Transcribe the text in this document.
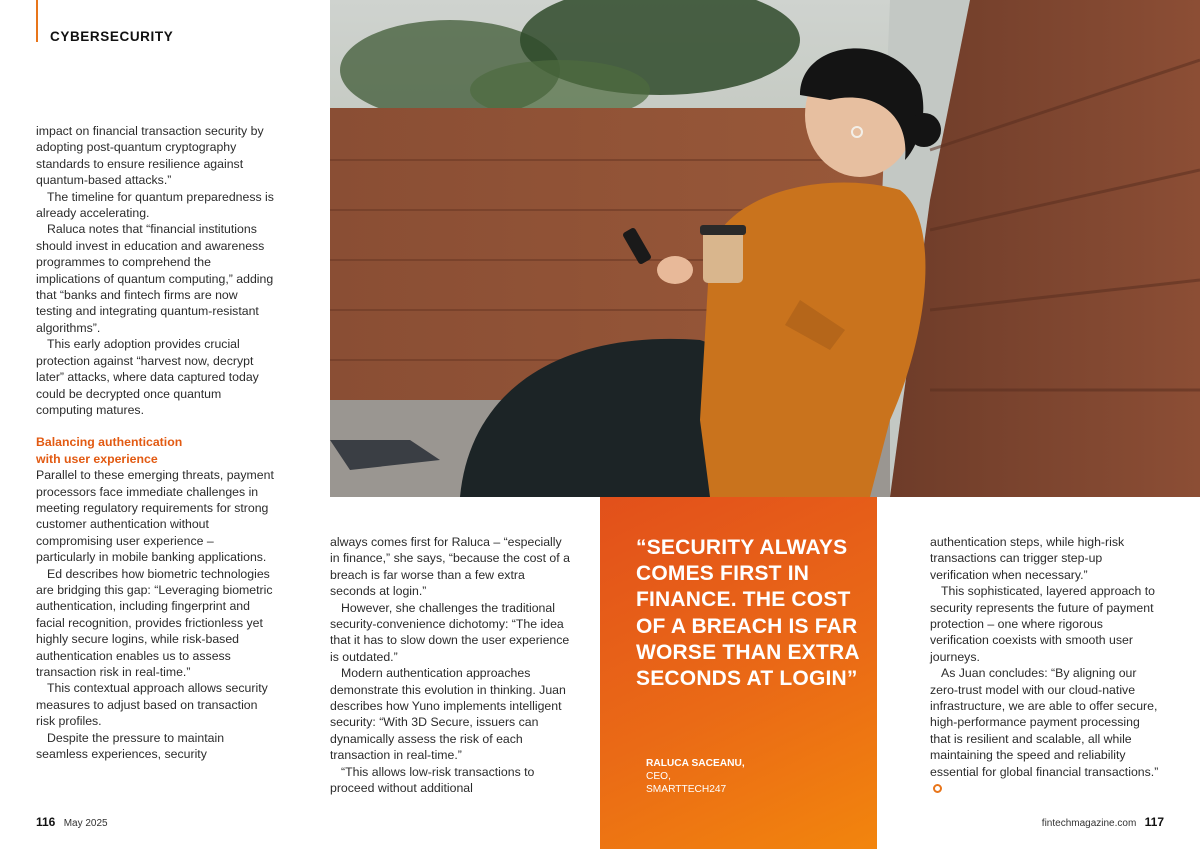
CYBERSECURITY

impact on financial transaction security by adopting post-quantum cryptography standards to ensure resilience against quantum-based attacks.”

The timeline for quantum preparedness is already accelerating.

Raluca notes that “financial institutions should invest in education and awareness programmes to comprehend the implications of quantum computing,” adding that “banks and fintech firms are now testing and integrating quantum-resistant algorithms”.

This early adoption provides crucial protection against “harvest now, decrypt later” attacks, where data captured today could be decrypted once quantum computing matures.

Balancing authentication
with user experience

Parallel to these emerging threats, payment processors face immediate challenges in meeting regulatory requirements for strong customer authentication without compromising user experience – particularly in mobile banking applications.

Ed describes how biometric technologies are bridging this gap: “Leveraging biometric authentication, including fingerprint and facial recognition, provides frictionless yet highly secure logins, while risk-based authentication enables us to assess transaction risk in real-time.”

This contextual approach allows security measures to adjust based on transaction risk profiles.

Despite the pressure to maintain seamless experiences, security

always comes first for Raluca – “especially in finance,” she says, “because the cost of a breach is far worse than a few extra seconds at login.”

However, she challenges the traditional security-convenience dichotomy: “The idea that it has to slow down the user experience is outdated.”

Modern authentication approaches demonstrate this evolution in thinking. Juan describes how Yuno implements intelligent security: “With 3D Secure, issuers can dynamically assess the risk of each transaction in real-time.”

“This allows low-risk transactions to proceed without additional

“SECURITY ALWAYS COMES FIRST IN FINANCE. THE COST OF A BREACH IS FAR WORSE THAN EXTRA SECONDS AT LOGIN”
RALUCA SACEANU,
CEO,
SMARTTECH247

authentication steps, while high-risk transactions can trigger step-up verification when necessary.”

This sophisticated, layered approach to security represents the future of payment protection – one where rigorous verification coexists with smooth user journeys.

As Juan concludes: “By aligning our zero-trust model with our cloud-native infrastructure, we are able to offer secure, high-performance payment processing that is resilient and scalable, all while maintaining the speed and reliability essential for global financial transactions.”

116 May 2025	fintechmagazine.com 117
